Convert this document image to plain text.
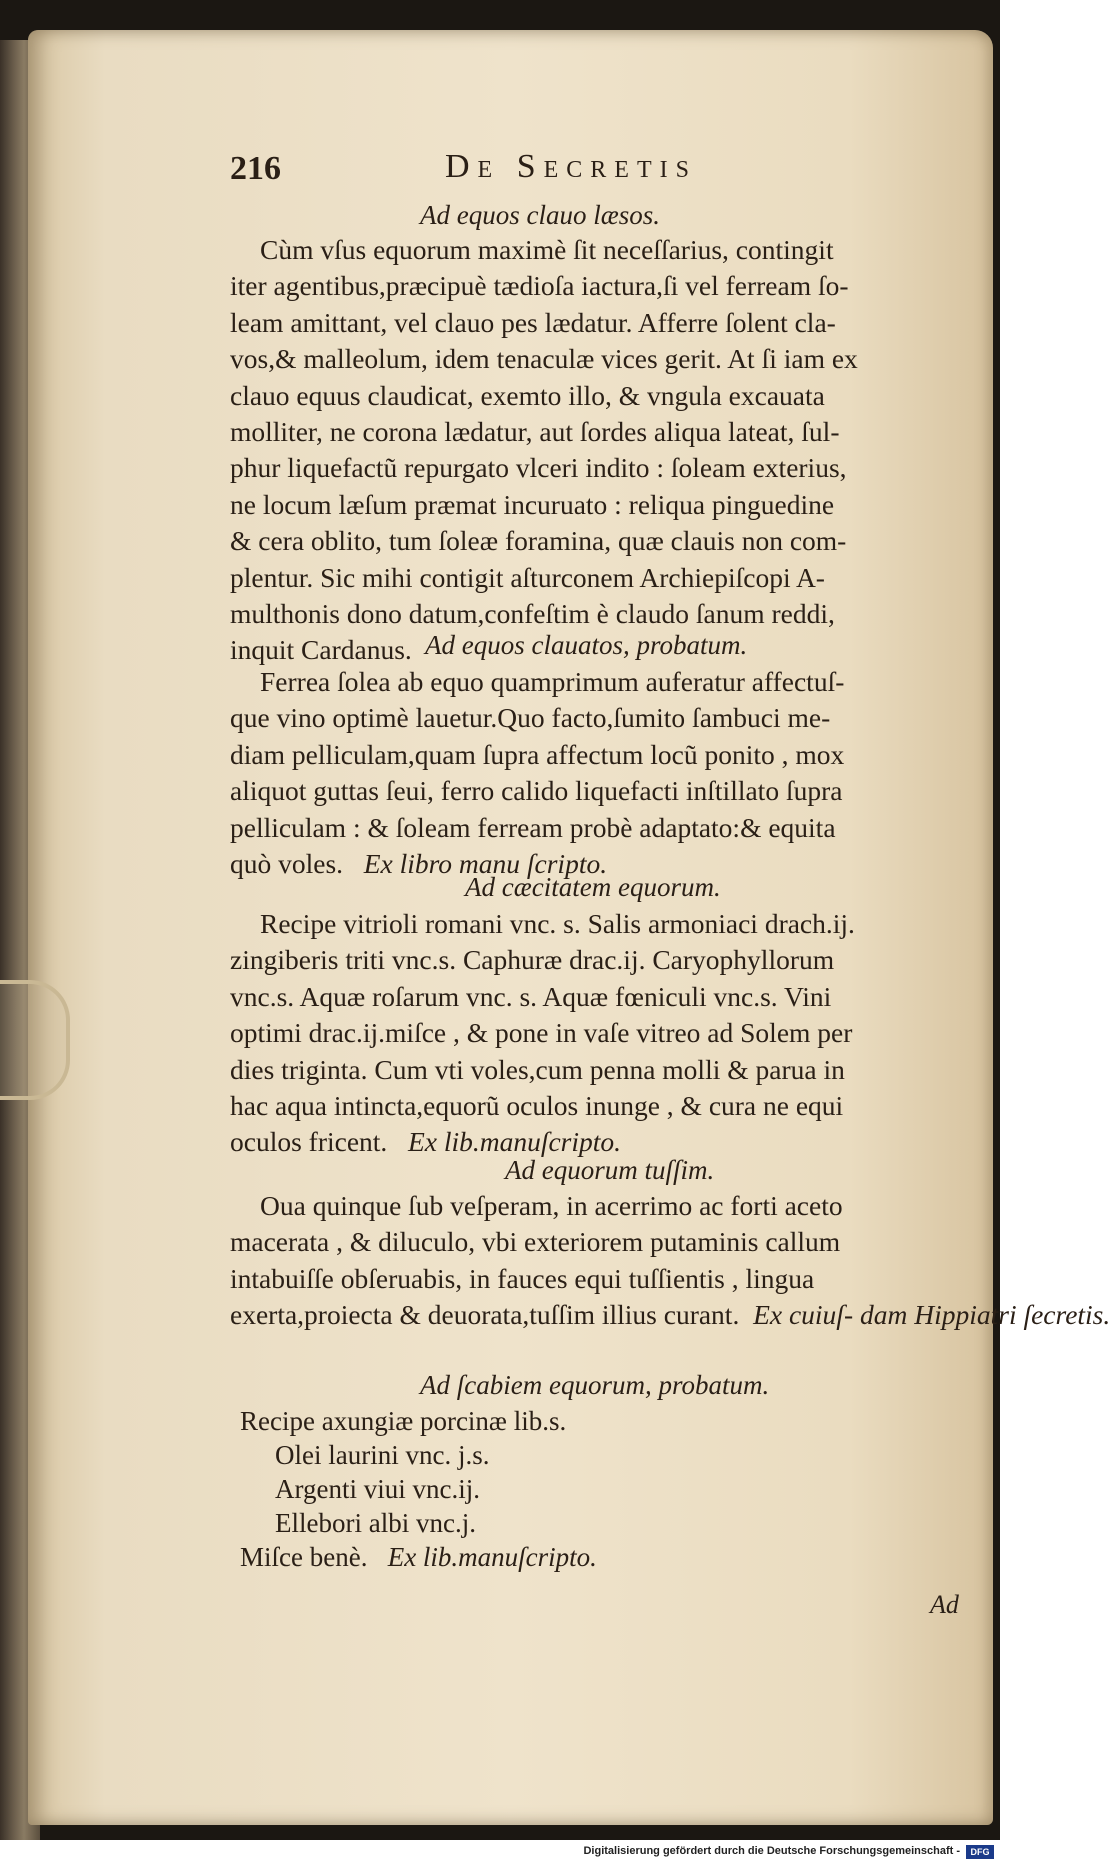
216	De Secretis
Ad equos clauo læsos.
Cùm vſus equorum maximè ſit neceſſarius, contingit
iter agentibus,præcipuè tædioſa iactura,ſi vel ferream ſo-
leam amittant, vel clauo pes lædatur. Afferre ſolent cla-
vos,& malleolum, idem tenaculæ vices gerit. At ſi iam ex
clauo equus claudicat, exemto illo, & vngula excauata
molliter, ne corona lædatur, aut ſordes aliqua lateat, ſul-
phur liquefactũ repurgato vlceri indito : ſoleam exterius,
ne locum læſum præmat incuruato : reliqua pinguedine
& cera oblito, tum ſoleæ foramina, quæ clauis non com-
plentur. Sic mihi contigit aſturconem Archiepiſcopi A-
multhonis dono datum,confeſtim è claudo ſanum reddi,
inquit Cardanus. Ad equos clauatos, probatum.
Ferrea ſolea ab equo quamprimum auferatur affectuſ-
que vino optimè lauetur.Quo facto,ſumito ſambuci me-
diam pelliculam,quam ſupra affectum locũ ponito , mox
aliquot guttas ſeui, ferro calido liquefacti inſtillato ſupra
pelliculam : & ſoleam ferream probè adaptato:& equita
quò voles. Ex libro manu ſcripto.
Ad cæcitatem equorum.
Recipe vitrioli romani vnc. s. Salis armoniaci drach.ij.
zingiberis triti vnc.s. Caphuræ drac.ij. Caryophyllorum
vnc.s. Aquæ roſarum vnc. s. Aquæ fœniculi vnc.s. Vini
optimi drac.ij.miſce , & pone in vaſe vitreo ad Solem per
dies triginta. Cum vti voles,cum penna molli & parua in
hac aqua intincta,equorũ oculos inunge , & cura ne equi
oculos fricent. Ex lib.manuſcripto.
Ad equorum tuſſim.
Oua quinque ſub veſperam, in acerrimo ac forti aceto
macerata , & diluculo, vbi exteriorem putaminis callum
intabuiſſe obſeruabis, in fauces equi tuſſientis , lingua
exerta,proiecta & deuorata,tuſſim illius curant. Ex cuiuſ- dam Hippiatri ſecretis.
Ad ſcabiem equorum, probatum.
Recipe axungiæ porcinæ lib.s.
Olei laurini vnc. j.s.
Argenti viui vnc.ij.
Ellebori albi vnc.j.
Miſce benè. Ex lib.manuſcripto.
Ad
Digitalisierung gefördert durch die Deutsche Forschungsgemeinschaft -	DFG
